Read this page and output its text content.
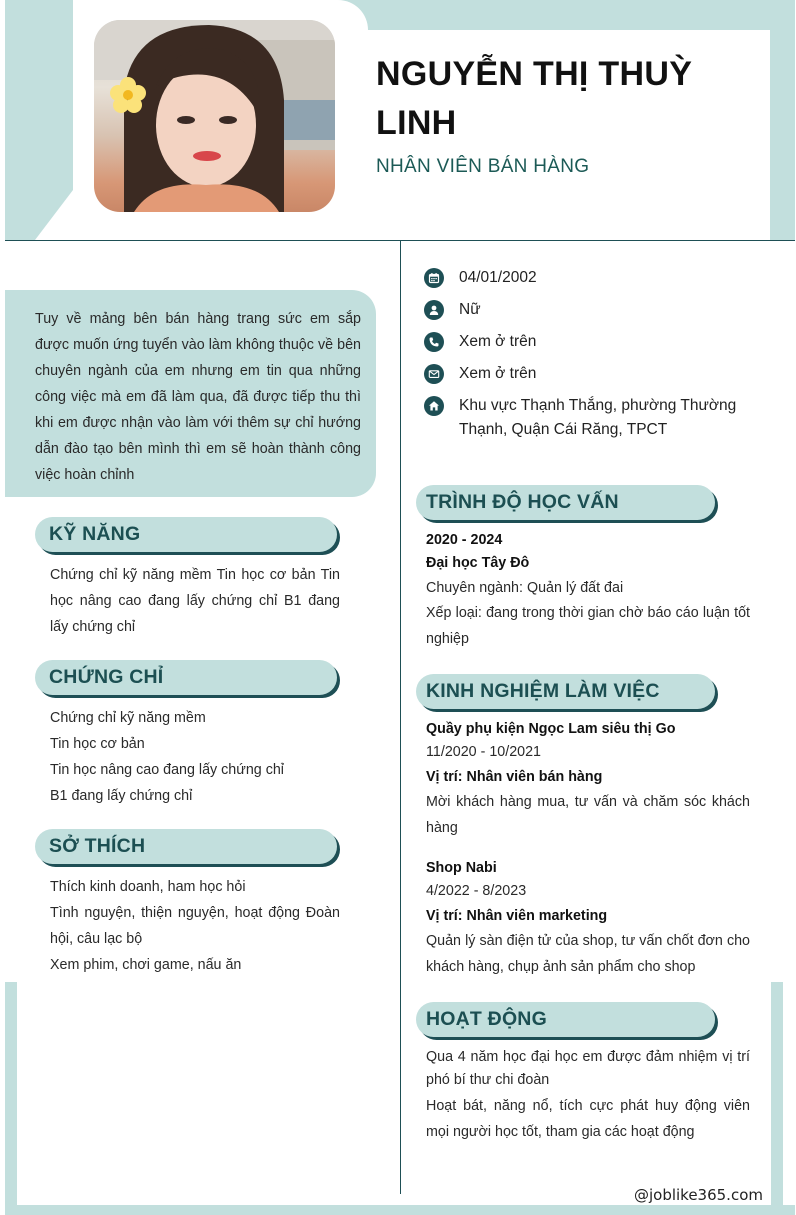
NGUYỄN THỊ THUỲ LINH
NHÂN VIÊN BÁN HÀNG
04/01/2002
Nữ
Xem ở trên
Xem ở trên
Khu vực Thạnh Thắng, phường Thường Thạnh, Quận Cái Răng, TPCT

Tuy về mảng bên bán hàng trang sức em sắp được muốn ứng tuyển vào làm không thuộc về bên chuyên ngành của em nhưng em tin qua những công việc mà em đã làm qua, đã được tiếp thu thì khi em được nhận vào làm với thêm sự chỉ hướng dẫn đào tạo bên mình thì em sẽ hoàn thành công việc hoàn chỉnh

KỸ NĂNG
Chứng chỉ kỹ năng mềm Tin học cơ bản Tin học nâng cao đang lấy chứng chỉ B1 đang lấy chứng chỉ
CHỨNG CHỈ
Chứng chỉ kỹ năng mềm
Tin học cơ bản
Tin học nâng cao đang lấy chứng chỉ
B1 đang lấy chứng chỉ
SỞ THÍCH
Thích kinh doanh, ham học hỏi
Tình nguyện, thiện nguyện, hoạt động Đoàn hội, câu lạc bộ
Xem phim, chơi game, nấu ăn
TRÌNH ĐỘ HỌC VẤN
2020 - 2024
Đại học Tây Đô
Chuyên ngành: Quản lý đất đai
Xếp loại: đang trong thời gian chờ báo cáo luận tốt nghiệp
KINH NGHIỆM LÀM VIỆC
Quầy phụ kiện Ngọc Lam siêu thị Go
11/2020 - 10/2021
Vị trí: Nhân viên bán hàng
Mời khách hàng mua, tư vấn và chăm sóc khách hàng
Shop Nabi
4/2022 - 8/2023
Vị trí: Nhân viên marketing
Quản lý sàn điện tử của shop, tư vấn chốt đơn cho khách hàng, chụp ảnh sản phẩm cho shop
HOẠT ĐỘNG
Qua 4 năm học đại học em được đảm nhiệm vị trí phó bí thư chi đoàn
Hoạt bát, năng nổ, tích cực phát huy động viên mọi người học tốt, tham gia các hoạt động
@joblike365.com
